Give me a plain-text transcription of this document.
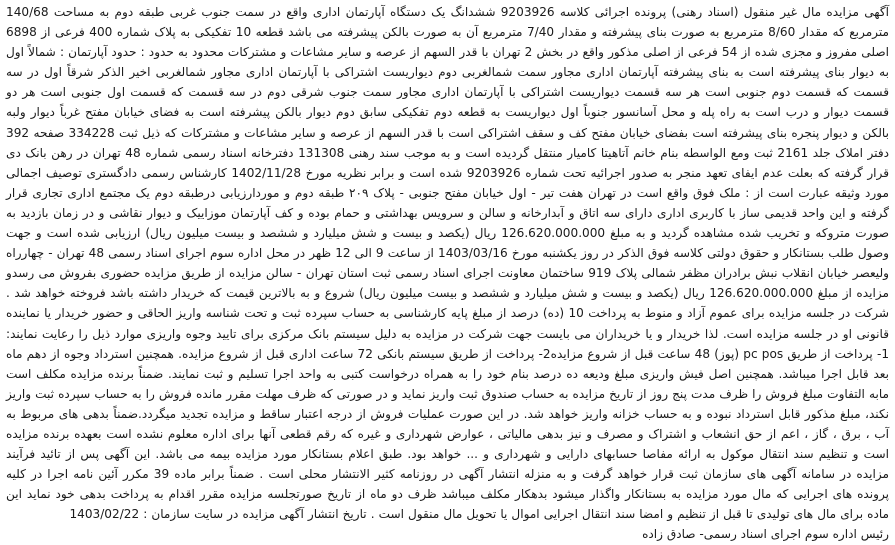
آگهی مزایده مال غیر منقول (اسناد رهنی) پرونده اجرائی کلاسه 9203926 ششدانگ یک دستگاه آپارتمان اداری واقع در سمت جنوب غربی طبقه دوم به مساحت 140/68 مترمربع که مقدار 8/60 مترمربع به صورت بنای پیشرفته و مقدار 7/40 مترمربع آن به صورت بالکن پیشرفته می باشد قطعه 10 تفکیکی به پلاک شماره 400 فرعی از 6898 اصلی مفروز و مجزی شده از 54 فرعی از اصلی مذکور واقع در بخش 2 تهران با قدر السهم از عرصه و سایر مشاعات و مشترکات محدود به حدود : حدود آپارتمان : شمالاً اول به دیوار بنای پیشرفته است به بنای پیشرفته آپارتمان اداری مجاور سمت شمالغربی دوم دیواریست اشتراکی با آپارتمان اداری مجاور شمالغربی اخیر الذکر شرقاً اول در سه قسمت که قسمت دوم جنوبی است هر سه قسمت دیواریست اشتراکی با آپارتمان اداری مجاور سمت جنوب شرقی دوم در سه قسمت که قسمت اول جنوبی است هر دو قسمت دیوار و درب است به راه پله و محل آسانسور جنوباً اول دیواریست به قطعه دوم تفکیکی سابق دوم دیوار بالکن پیشرفته است به فضای خیابان مفتح غرباً دیوار ولبه بالکن و دیوار پنجره بنای پیشرفته است بفضای خیابان مفتح کف و سقف اشتراکی است با قدر السهم از عرصه و سایر مشاعات و مشترکات که ذیل ثبت 334228 صفحه 392 دفتر املاک جلد 2161 ثبت ومع الواسطه بنام خانم آتاهیتا کامیار منتقل گردیده است و به موجب سند رهنی 131308 دفترخانه اسناد رسمی شماره 48 تهران در رهن بانک دی قرار گرفته که بعلت عدم ایفای تعهد منجر به صدور اجرائیه تحت شماره 9203926 شده است و برابر نظریه مورخ 1402/11/28 کارشناس رسمی دادگستری توصیف اجمالی مورد وثیقه عبارت است از : ملک فوق واقع است در تهران هفت تیر - اول خیابان مفتح جنوبی - پلاک ۲۰۹ طبقه دوم و موردارزیابی درطبقه دوم یک مجتمع اداری تجاری قرار گرفته و این واحد قدیمی ساز با کاربری اداری دارای سه اتاق و آبدارخانه و سالن و سرویس بهداشتی و حمام بوده و کف آپارتمان موزاییک و دیوار نقاشی و در زمان بازدید به صورت متروکه و تخریب شده مشاهده گردید و به مبلغ 126.620.000.000 ریال (یکصد و بیست و شش میلیارد و ششصد و بیست میلیون ریال) ارزیابی شده است و جهت وصول طلب بستانکار و حقوق دولتی کلاسه فوق الذکر در روز یکشنبه مورخ 1403/03/16 از ساعت 9 الی 12 ظهر در محل اداره سوم اجرای اسناد رسمی 48 تهران - چهارراه ولیعصر خیابان انقلاب نبش برادران مظفر شمالی پلاک 919 ساختمان معاونت اجرای اسناد رسمی ثبت استان تهران - سالن مزایده از طریق مزایده حضوری بفروش می رسدو مزایده از مبلغ 126.620.000.000 ریال (یکصد و بیست و شش میلیارد و ششصد و بیست میلیون ریال) شروع و به بالاترین قیمت که خریدار داشته باشد فروخته خواهد شد . شرکت در جلسه مزایده برای عموم آزاد و منوط به پرداخت 10 (ده) درصد از مبلغ پایه کارشناسی به حساب سپرده ثبت و تحت شناسه واریز الحاقی و حضور خریدار یا نماینده قانونی او در جلسه مزایده است. لذا خریدار و یا خریداران می بایست جهت شرکت در مزایده به دلیل سیستم بانک مرکزی برای تایید وجوه واریزی موارد ذیل را رعایت نمایند: 1- پرداخت از طریق pc pos (پوز) 48 ساعت قبل از شروع مزایده2- پرداخت از طریق سیستم بانکی 72 ساعت اداری قبل از شروع مزایده. همچنین استرداد وجوه از دهم ماه بعد قابل اجرا میباشد. همچنین اصل فیش واریزی مبلغ ودیعه ده درصد بنام خود را به همراه درخواست کتبی به واحد اجرا تسلیم و ثبت نمایند. ضمناً برنده مزایده مکلف است مابه التفاوت مبلغ فروش را ظرف مدت پنج روز از تاریخ مزایده به حساب صندوق ثبت واریز نماید و در صورتی که ظرف مهلت مقرر مانده فروش را به حساب سپرده ثبت واریز نکند، مبلغ مذکور قابل استرداد نبوده و به حساب خزانه واریز خواهد شد. در این صورت عملیات فروش از درجه اعتبار ساقط و مزایده تجدید میگردد.ضمناً بدهی های مربوط به آب ، برق ، گاز ، اعم از حق انشعاب و اشتراک و مصرف و نیز بدهی مالیاتی ، عوارض شهرداری و غیره که رقم قطعی آنها برای اداره معلوم نشده است بعهده برنده مزایده است و تنظیم سند انتقال موکول به ارائه مفاصا حسابهای دارایی و شهرداری و ... خواهد بود. طبق اعلام بستانکار مورد مزایده بیمه می باشد. این آگهی پس از تائید فرآیند مزایده در سامانه آگهی های سازمان ثبت قرار خواهد گرفت و به منزله انتشار آگهی در روزنامه کثیر الانتشار محلی است . ضمناً برابر ماده 39 مکرر آئین نامه اجرا در کلیه پرونده های اجرایی که مال مورد مزایده به بستانکار واگذار میشود بدهکار مکلف میباشد ظرف دو ماه از تاریخ صورتجلسه مزایده مقرر اقدام به پرداخت بدهی خود نماید این ماده برای مال های تولیدی تا قبل از تنظیم و امضا سند انتقال اجرایی اموال یا تحویل مال منقول است . تاریخ انتشار آگهی مزایده در سایت سازمان : 1403/02/22

رئیس اداره سوم اجرای اسناد رسمی- صادق زاده
